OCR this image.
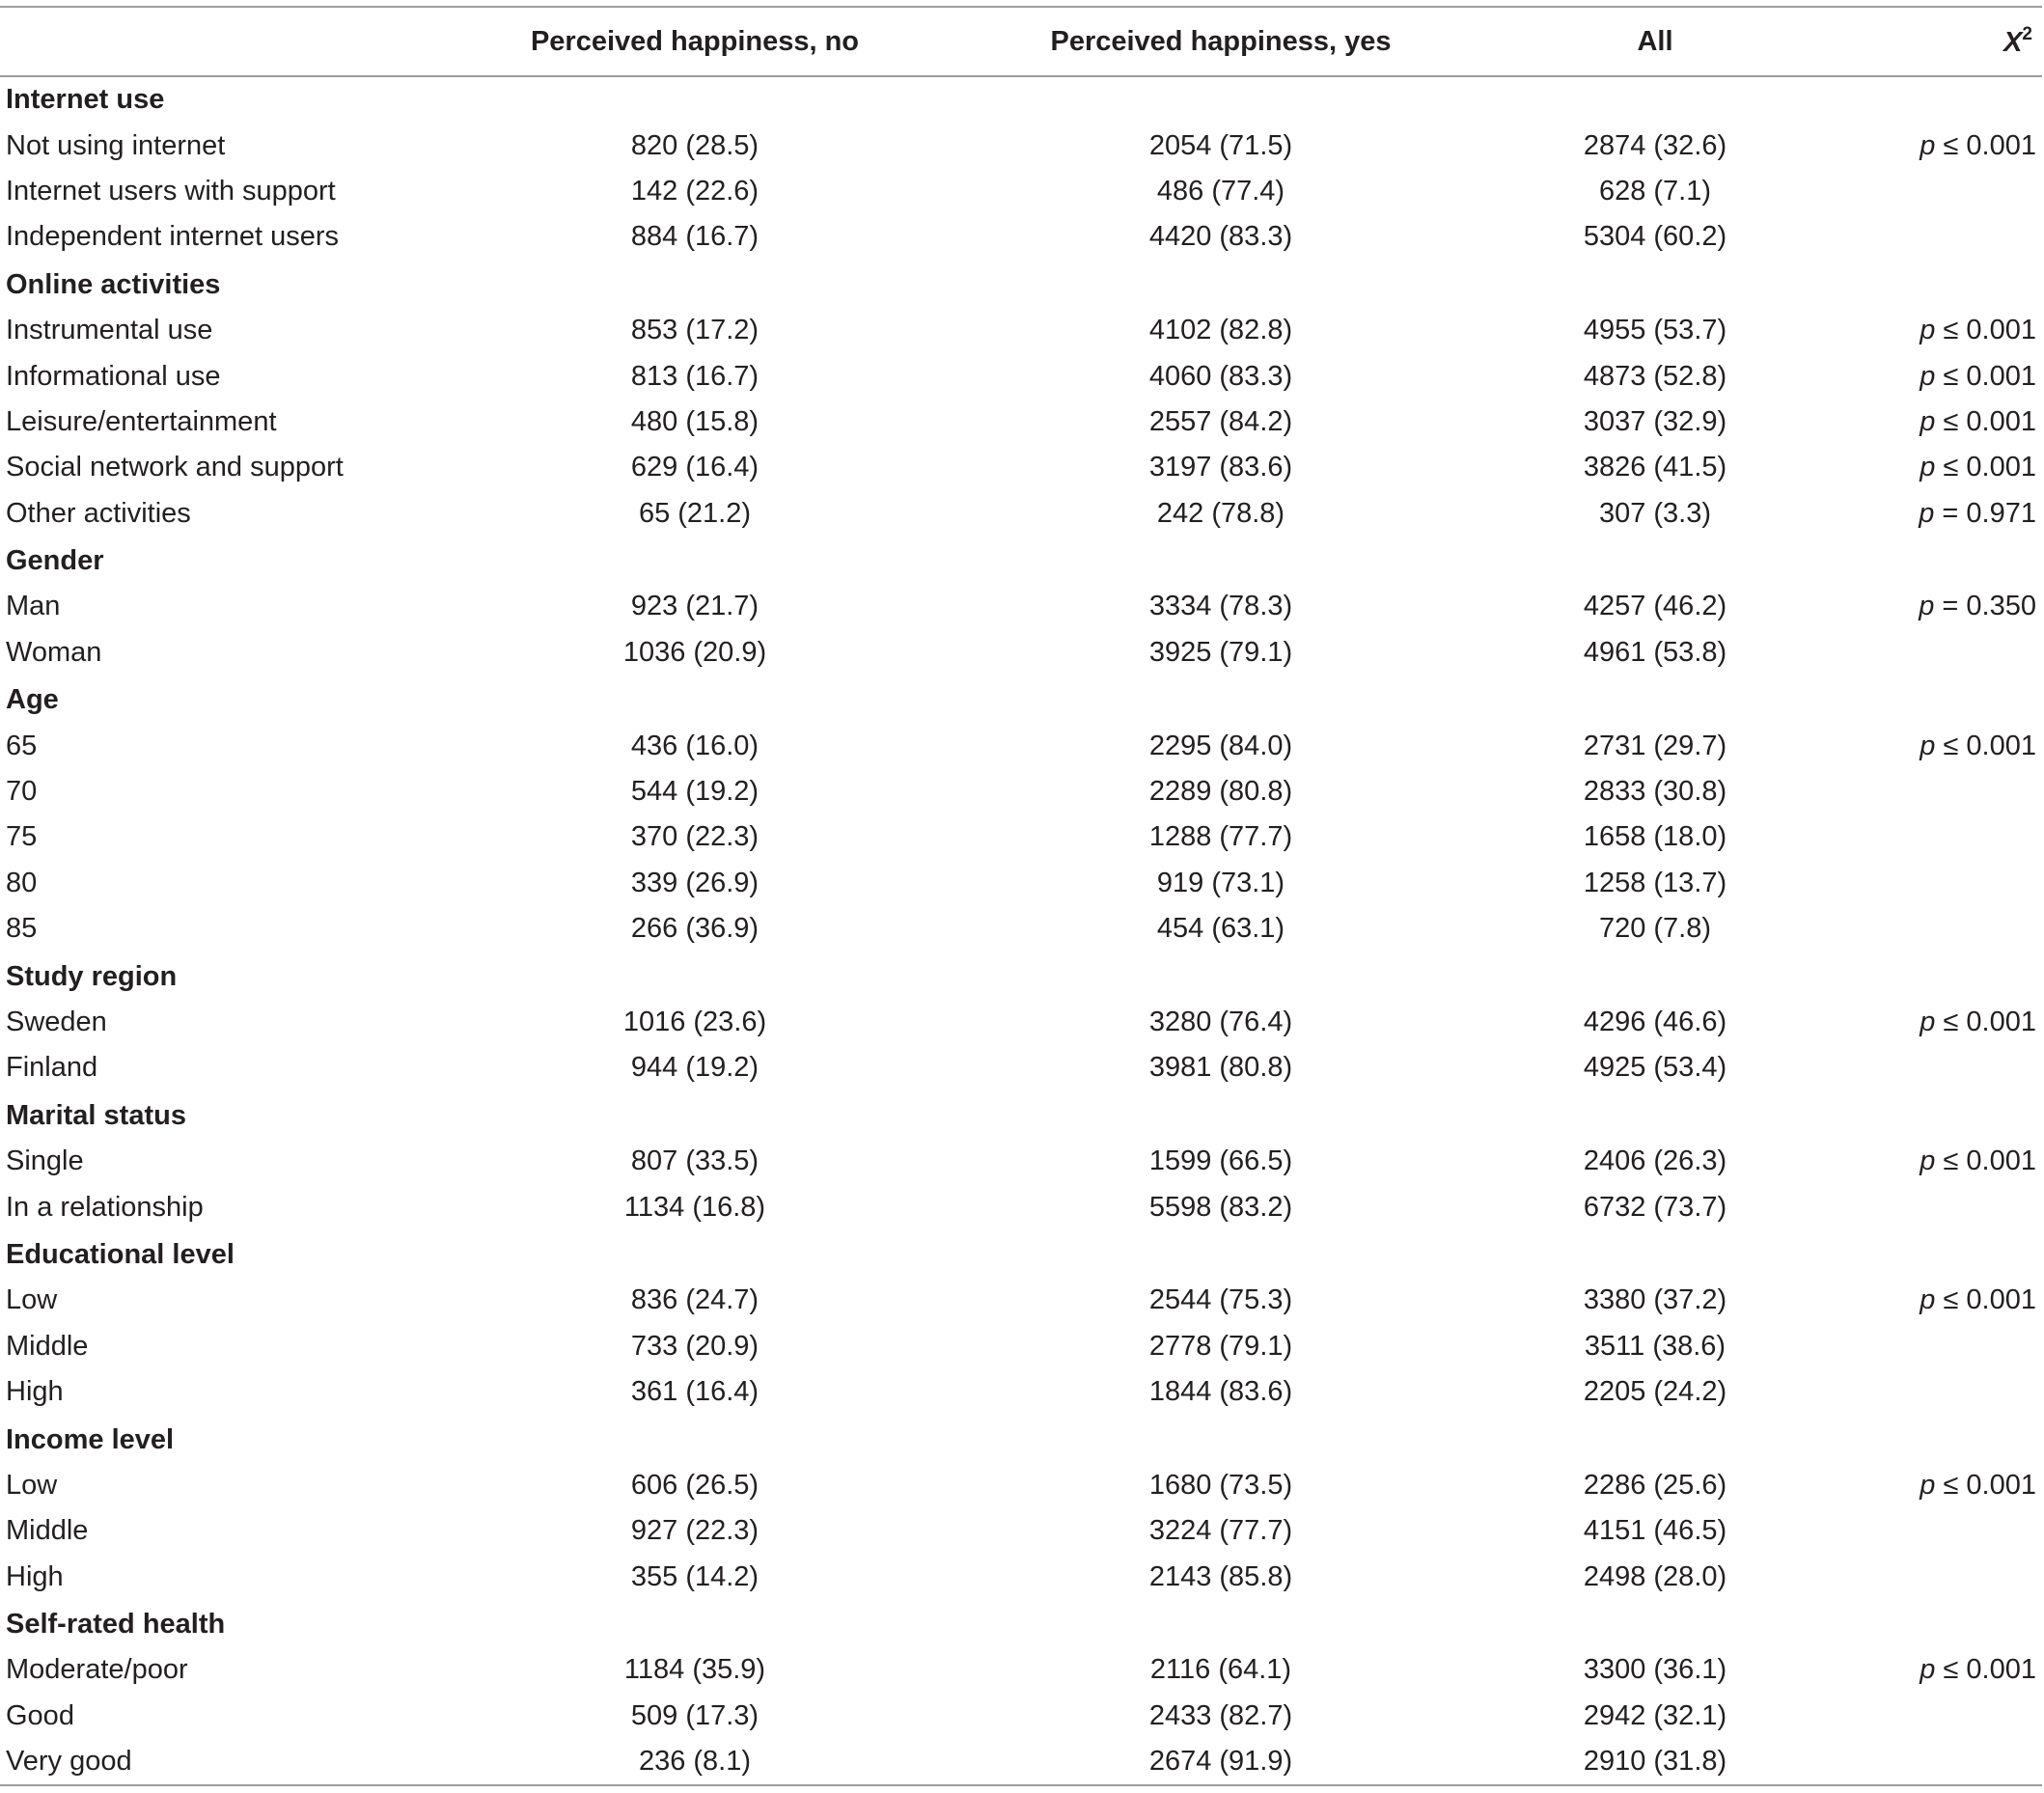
	Perceived happiness, no	Perceived happiness, yes	All	$X^2$
Internet use				
Not using internet	820 (28.5)	2054 (71.5)	2874 (32.6)	p ≤ 0.001
Internet users with support	142 (22.6)	486 (77.4)	628 (7.1)	
Independent internet users	884 (16.7)	4420 (83.3)	5304 (60.2)	
Online activities				
Instrumental use	853 (17.2)	4102 (82.8)	4955 (53.7)	p ≤ 0.001
Informational use	813 (16.7)	4060 (83.3)	4873 (52.8)	p ≤ 0.001
Leisure/entertainment	480 (15.8)	2557 (84.2)	3037 (32.9)	p ≤ 0.001
Social network and support	629 (16.4)	3197 (83.6)	3826 (41.5)	p ≤ 0.001
Other activities	65 (21.2)	242 (78.8)	307 (3.3)	p = 0.971
Gender				
Man	923 (21.7)	3334 (78.3)	4257 (46.2)	p = 0.350
Woman	1036 (20.9)	3925 (79.1)	4961 (53.8)	
Age				
65	436 (16.0)	2295 (84.0)	2731 (29.7)	p ≤ 0.001
70	544 (19.2)	2289 (80.8)	2833 (30.8)	
75	370 (22.3)	1288 (77.7)	1658 (18.0)	
80	339 (26.9)	919 (73.1)	1258 (13.7)	
85	266 (36.9)	454 (63.1)	720 (7.8)	
Study region				
Sweden	1016 (23.6)	3280 (76.4)	4296 (46.6)	p ≤ 0.001
Finland	944 (19.2)	3981 (80.8)	4925 (53.4)	
Marital status				
Single	807 (33.5)	1599 (66.5)	2406 (26.3)	p ≤ 0.001
In a relationship	1134 (16.8)	5598 (83.2)	6732 (73.7)	
Educational level				
Low	836 (24.7)	2544 (75.3)	3380 (37.2)	p ≤ 0.001
Middle	733 (20.9)	2778 (79.1)	3511 (38.6)	
High	361 (16.4)	1844 (83.6)	2205 (24.2)	
Income level				
Low	606 (26.5)	1680 (73.5)	2286 (25.6)	p ≤ 0.001
Middle	927 (22.3)	3224 (77.7)	4151 (46.5)	
High	355 (14.2)	2143 (85.8)	2498 (28.0)	
Self-rated health				
Moderate/poor	1184 (35.9)	2116 (64.1)	3300 (36.1)	p ≤ 0.001
Good	509 (17.3)	2433 (82.7)	2942 (32.1)	
Very good	236 (8.1)	2674 (91.9)	2910 (31.8)	
